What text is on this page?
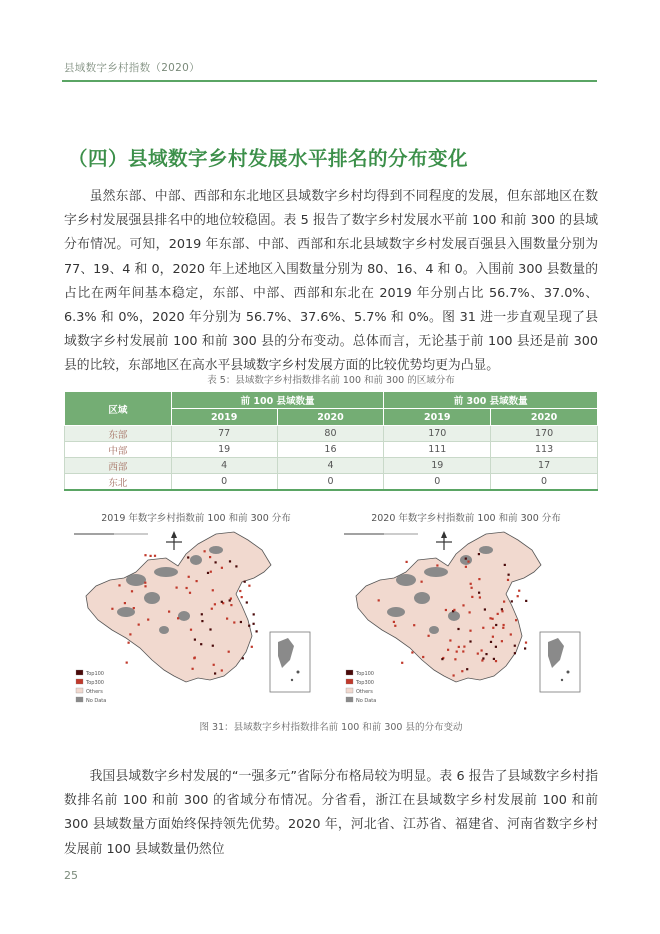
县域数字乡村指数（2020）
（四）县域数字乡村发展水平排名的分布变化

虽然东部、中部、西部和东北地区县域数字乡村均得到不同程度的发展，但东部地区在数字乡村发展强县排名中的地位较稳固。表 5 报告了数字乡村发展水平前 100 和前 300 的县域分布情况。可知，2019 年东部、中部、西部和东北县域数字乡村发展百强县入围数量分别为 77、19、4 和 0，2020 年上述地区入围数量分别为 80、16、4 和 0。入围前 300 县数量的占比在两年间基本稳定，东部、中部、西部和东北在 2019 年分别占比 56.7%、37.0%、6.3% 和 0%，2020 年分别为 56.7%、37.6%、5.7% 和 0%。图 31 进一步直观呈现了县域数字乡村发展前 100 和前 300 县的分布变动。总体而言，无论基于前 100 县还是前 300 县的比较，东部地区在高水平县域数字乡村发展方面的比较优势均更为凸显。

表 5：县域数字乡村指数排名前 100 和前 300 的区域分布
区域	前 100 县域数量		前 300 县域数量	
	2019	2020	2019	2020
东部	77	80	170	170
中部	19	16	111	113
西部	4	4	19	17
东北	0	0	0	0
2019 年数字乡村指数前 100 和前 300 分布	2020 年数字乡村指数前 100 和前 300 分布
Top100
Top300
Others
No Data
Top100
Top300
Others
No Data
图 31：县域数字乡村指数排名前 100 和前 300 县的分布变动

我国县域数字乡村发展的“一强多元”省际分布格局较为明显。表 6 报告了县域数字乡村指数排名前 100 和前 300 的省域分布情况。分省看，浙江在县域数字乡村发展前 100 和前 300 县域数量方面始终保持领先优势。2020 年，河北省、江苏省、福建省、河南省数字乡村发展前 100 县域数量仍然位

25
